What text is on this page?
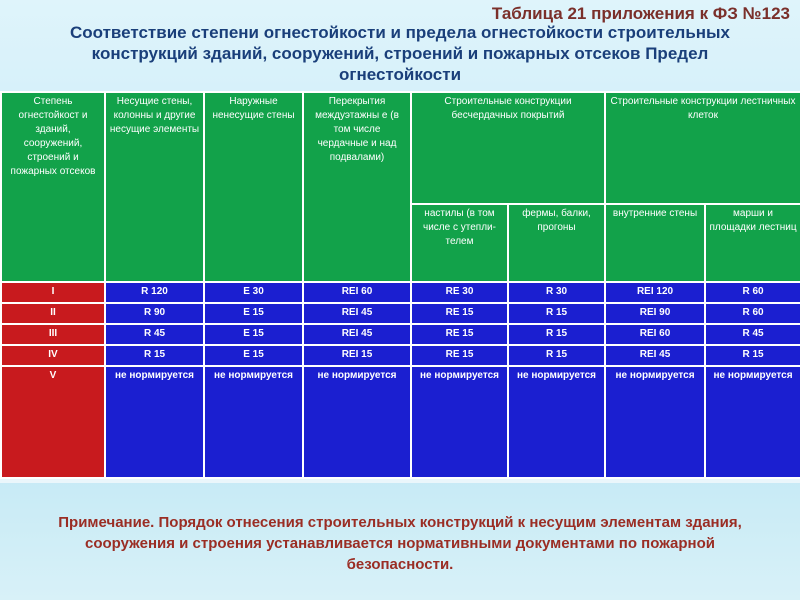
Таблица 21 приложения к ФЗ №123
Соответствие степени огнестойкости и предела огнестойкости строительных конструкций зданий, сооружений, строений и пожарных отсеков Предел огнестойкости
Степень огнестойкост и зданий, сооружений, строений и пожарных отсеков	Несущие стены, колонны и другие несущие элементы	Наружные ненесущие стены	Перекрытия междуэтажны е (в том числе чердачные и над подвалами)	Строительные конструкции бесчердачных покрытий		Строительные конструкции лестничных клеток	
				настилы (в том числе с утепли- телем	фермы, балки, прогоны	внутренние стены	марши и площадки лестниц
I	R 120	E 30	REI 60	RE 30	R 30	REI 120	R 60
II	R 90	E 15	REI 45	RE 15	R 15	REI 90	R 60
III	R 45	E 15	REI 45	RE 15	R 15	REI 60	R 45
IV	R 15	E 15	REI 15	RE 15	R 15	REI 45	R 15
V	не нормируется	не нормируется	не нормируется	не нормируется	не нормируется	не нормируется	не нормируется
Примечание. Порядок отнесения строительных конструкций к несущим элементам здания, сооружения и строения устанавливается нормативными документами по пожарной безопасности.
